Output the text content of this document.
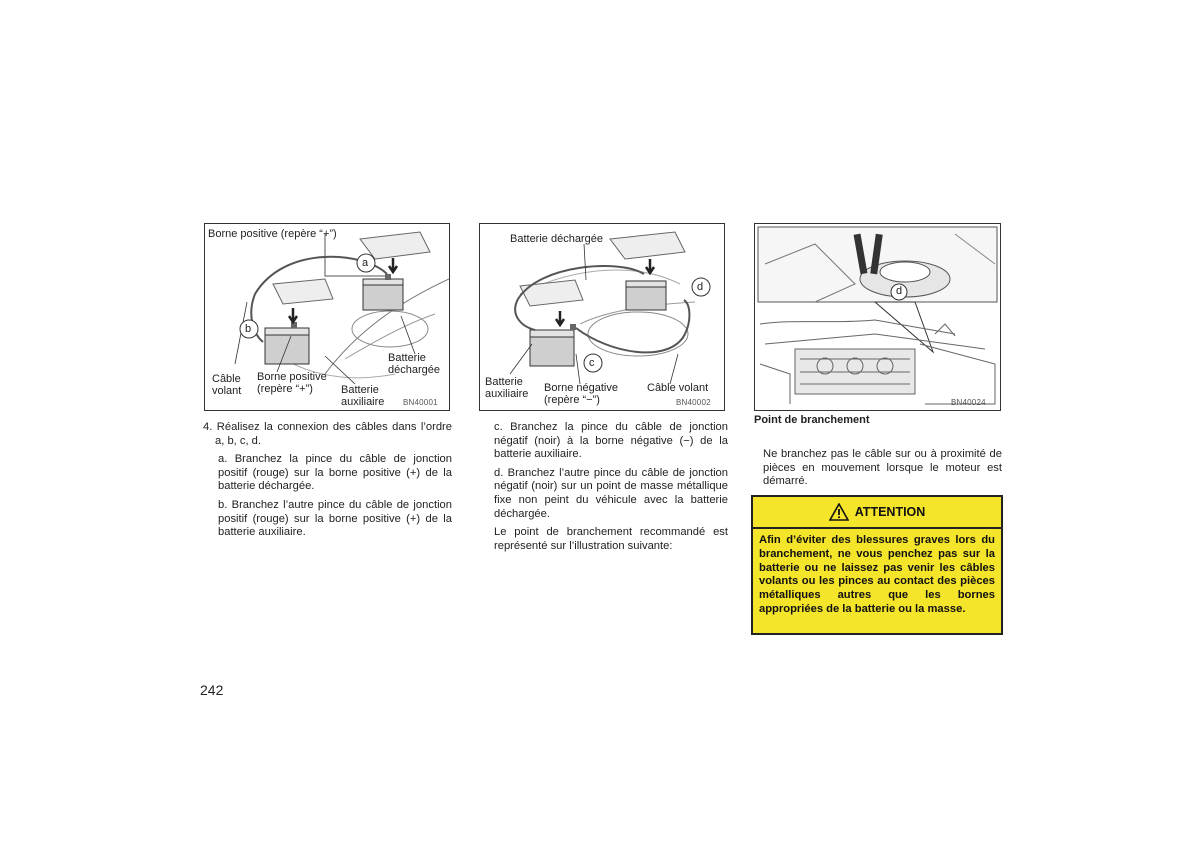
Borne positive (repère “+”)
a
b
Batterie
déchargée
Câble
volant
Borne positive
(repère “+”)	Batterie
auxiliaire BN40001
Batterie déchargée
c
d
Batterie
auxiliaire Borne négative
(repère “−”)
Câble volant
BN40002
d
BN40024
Point de branchement

4. Réalisez la connexion des câbles dans l’ordre a, b, c, d.

a. Branchez la pince du câble de jonction positif (rouge) sur la borne positive (+) de la batterie déchargée.

b. Branchez l’autre pince du câble de jonction positif (rouge) sur la borne positive (+) de la batterie auxiliaire.

c. Branchez la pince du câble de jonction négatif (noir) à la borne négative (−) de la batterie auxiliaire.

d. Branchez l’autre pince du câble de jonction négatif (noir) sur un point de masse métallique fixe non peint du véhicule avec la batterie déchargée.

Le point de branchement recommandé est représenté sur l’illustration suivante:

Ne branchez pas le câble sur ou à proximité de pièces en mouvement lorsque le moteur est démarré.
ATTENTION
Afin d’éviter des blessures graves lors du branchement, ne vous penchez pas sur la batterie ou ne laissez pas venir les câbles volants ou les pinces au contact des pièces métalliques autres que les bornes appropriées de la batterie ou la masse.
242
